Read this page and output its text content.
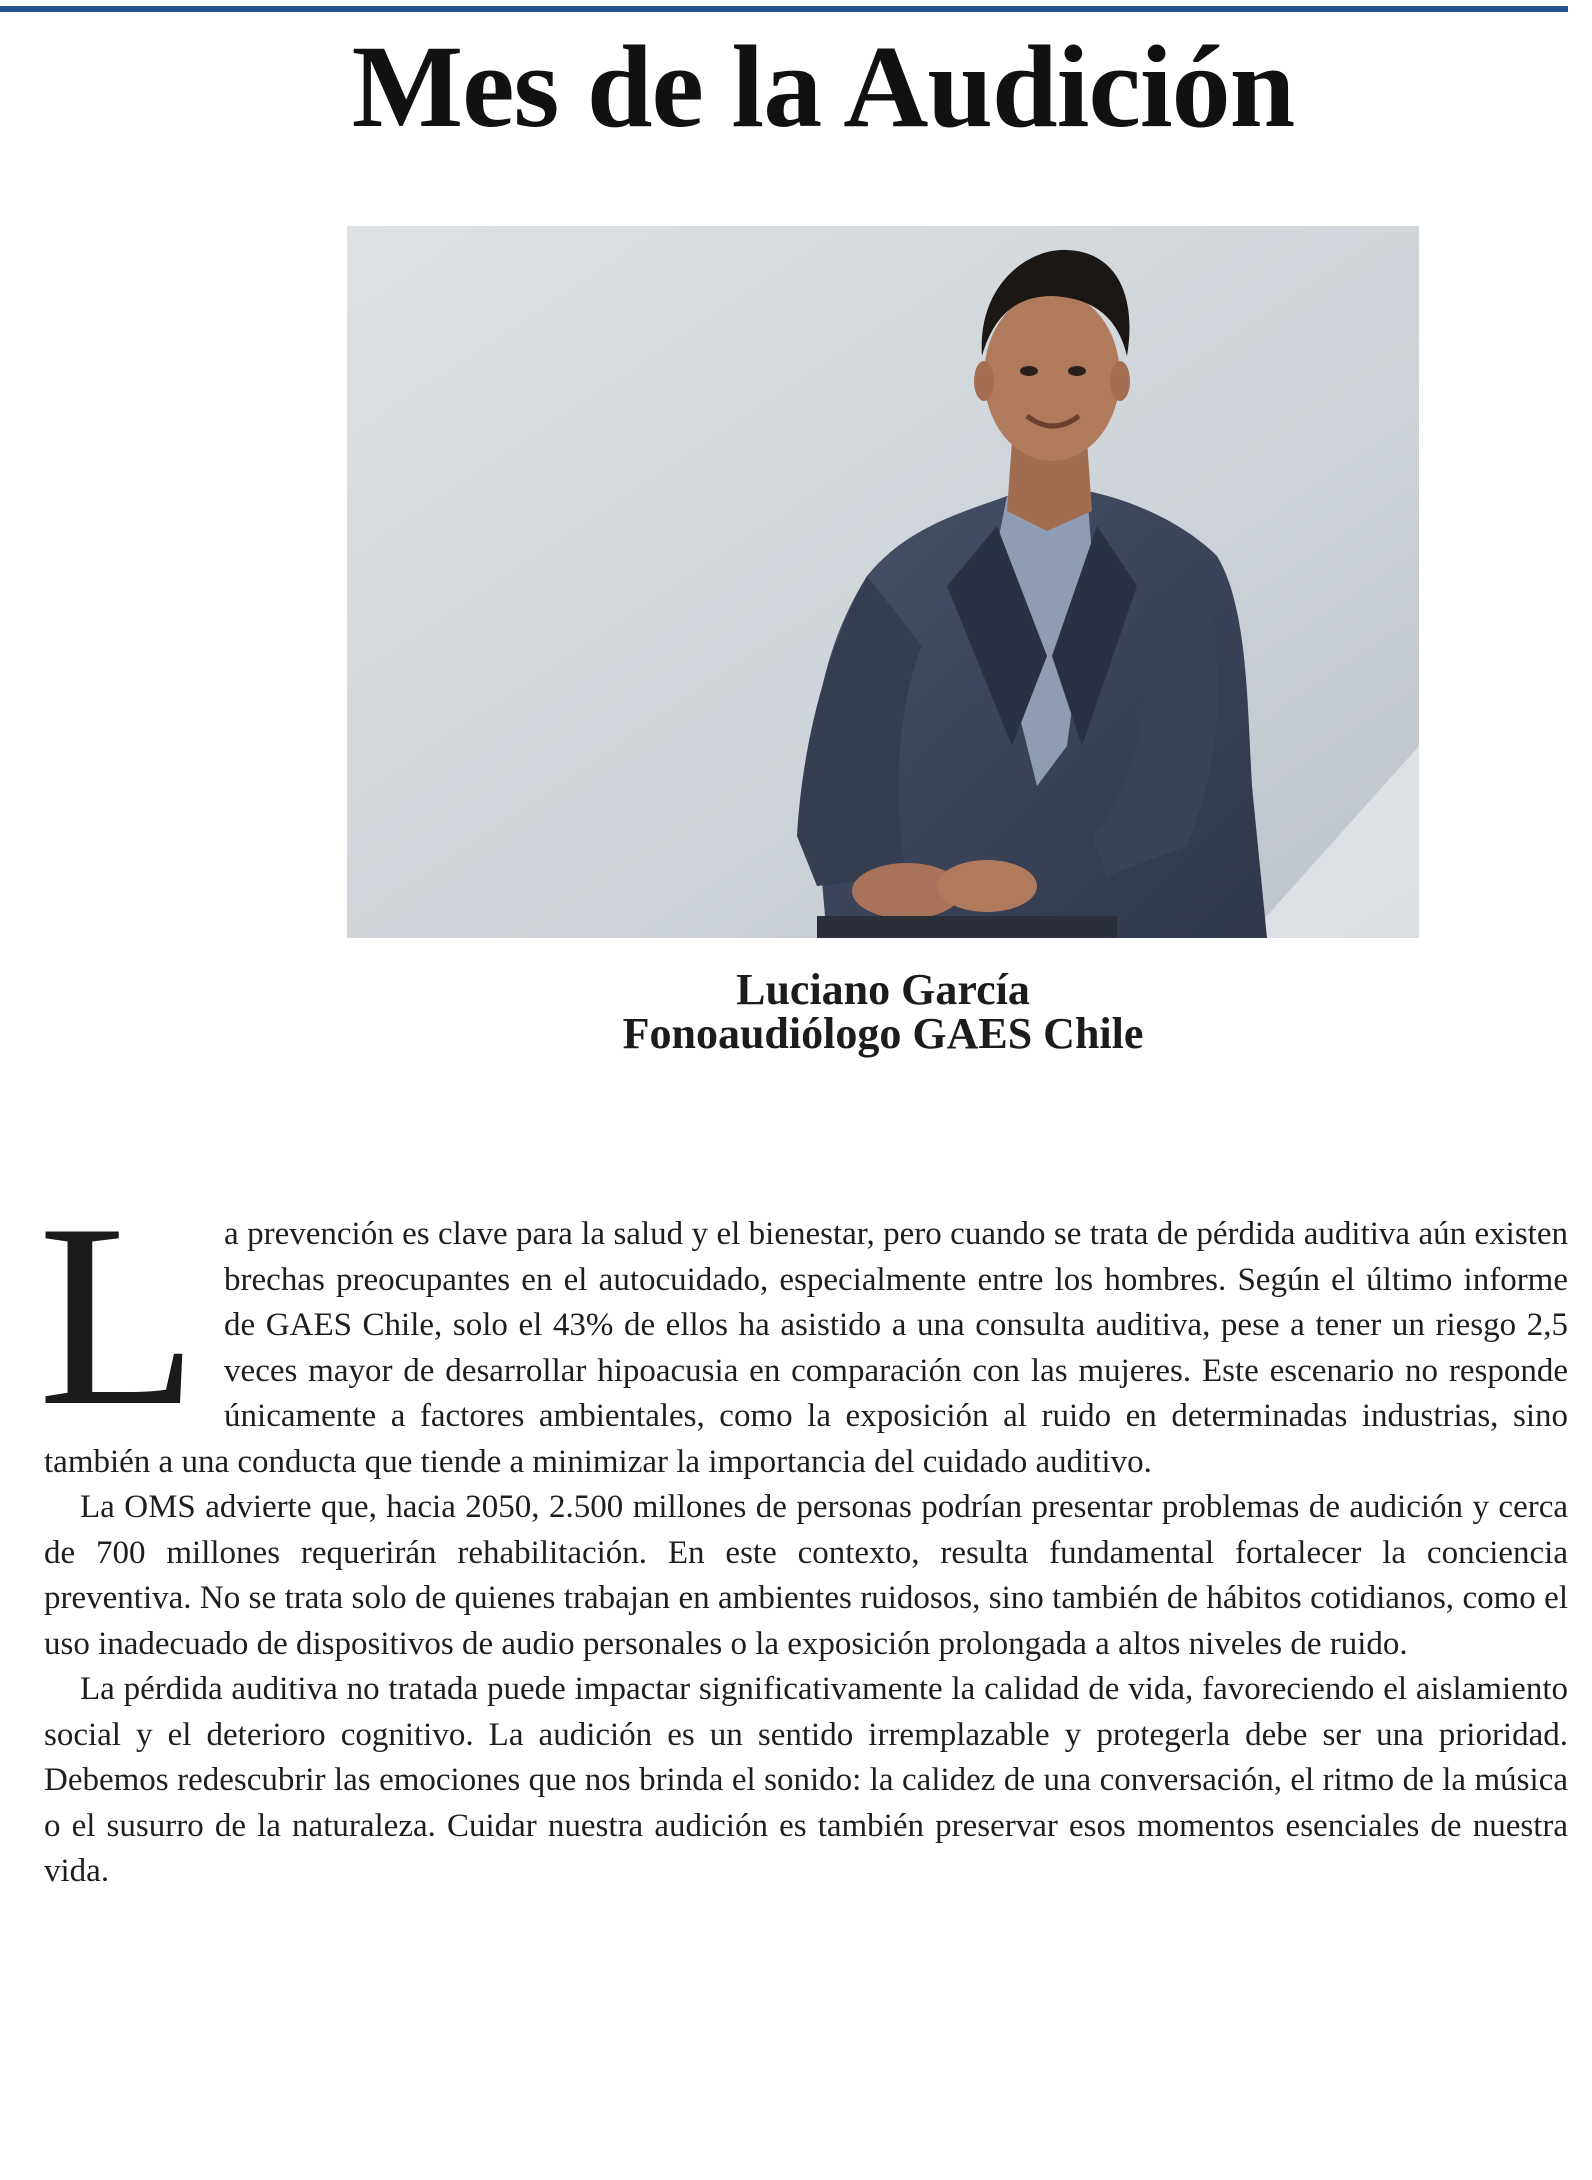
Mes de la Audición
Luciano García
Fonoaudiólogo GAES Chile

La prevención es clave para la salud y el bienestar, pero cuando se trata de pérdida auditiva aún existen brechas preocupantes en el autocuidado, especialmente entre los hombres. Según el último informe de GAES Chile, solo el 43% de ellos ha asistido a una consulta auditiva, pese a tener un riesgo 2,5 veces mayor de desarrollar hipoacusia en comparación con las mujeres. Este escenario no responde únicamente a factores ambientales, como la exposición al ruido en determinadas industrias, sino también a una conducta que tiende a minimizar la importancia del cuidado auditivo.

La OMS advierte que, hacia 2050, 2.500 millones de personas podrían presentar problemas de audición y cerca de 700 millones requerirán rehabilitación. En este contexto, resulta fundamental fortalecer la conciencia preventiva. No se trata solo de quienes trabajan en ambientes ruidosos, sino también de hábitos cotidianos, como el uso inadecuado de dispositivos de audio personales o la exposición prolongada a altos niveles de ruido.

La pérdida auditiva no tratada puede impactar significativamente la calidad de vida, favoreciendo el aislamiento social y el deterioro cognitivo. La audición es un sentido irremplazable y protegerla debe ser una prioridad. Debemos redescubrir las emociones que nos brinda el sonido: la calidez de una conversación, el ritmo de la música o el susurro de la naturaleza. Cuidar nuestra audición es también preservar esos momentos esenciales de nuestra vida.
